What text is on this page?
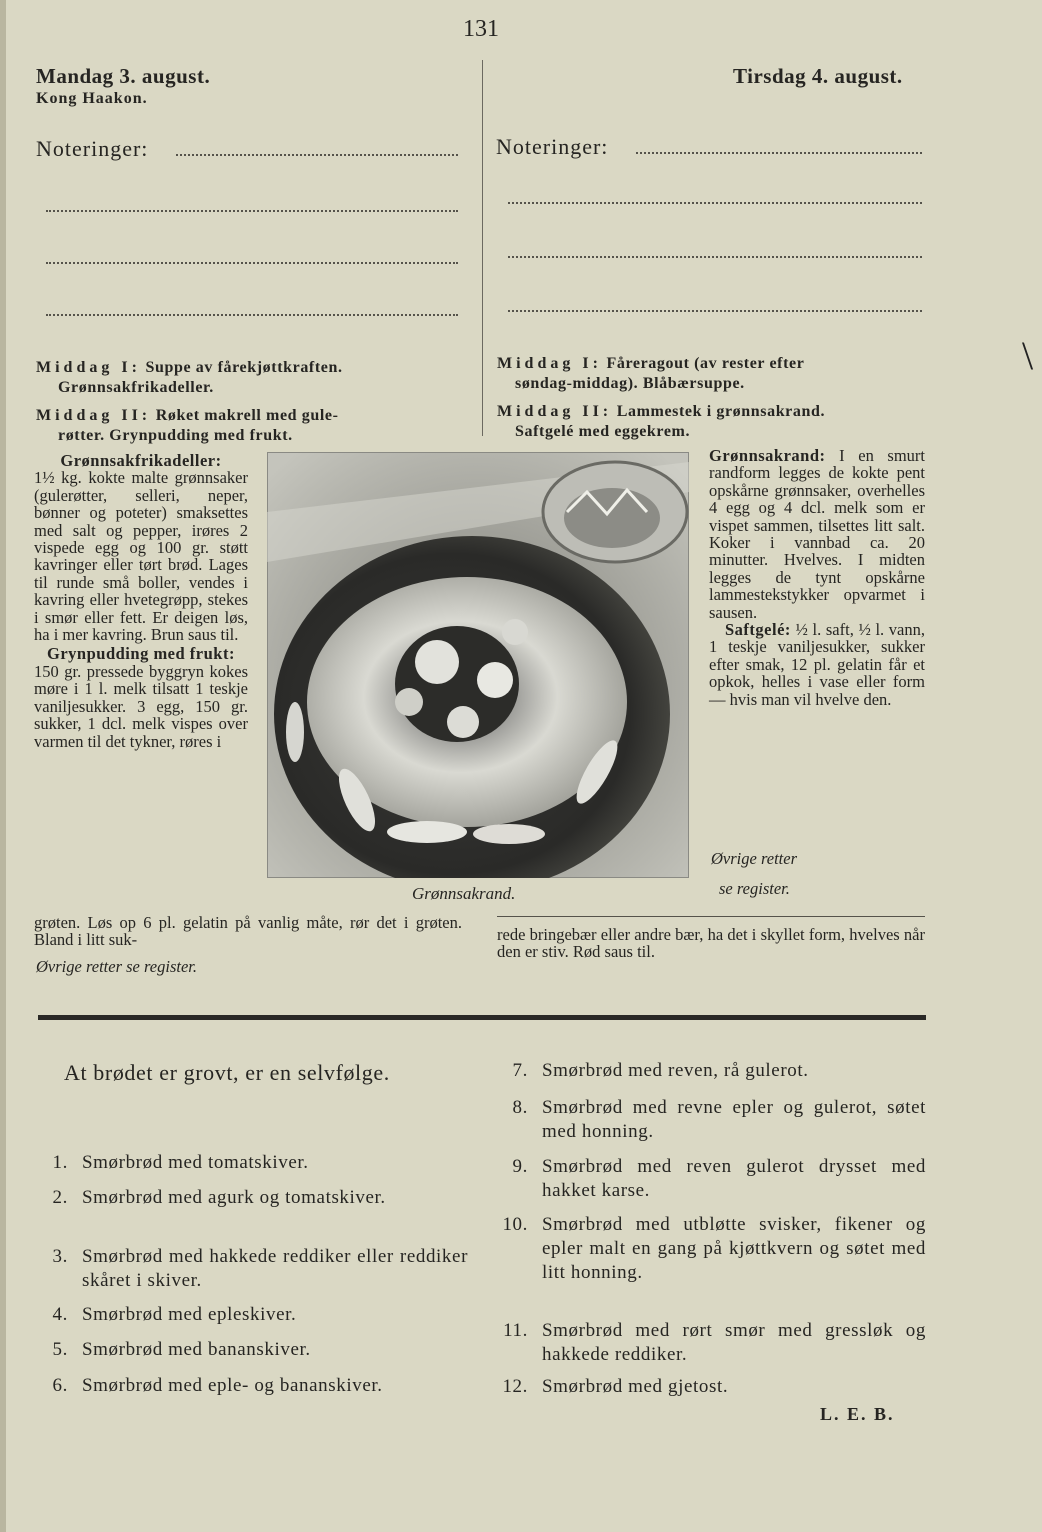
131
Mandag 3. august.
Kong Haakon.
Noteringer:
Tirsdag 4. august.
Noteringer:
Middag I: Suppe av fårekjøttkraften.
Grønnsakfrikadeller.
Middag II: Røket makrell med gule-
røtter. Grynpudding med frukt.
Middag I: Fåreragout (av rester efter
søndag-middag). Blåbærsuppe.
Middag II: Lammestek i grønnsakrand.
Saftgelé med eggekrem.
Grønnsakfrikadeller:
1½ kg. kokte malte grønnsaker (gulerøtter, selleri, neper, bønner og poteter) smaksettes med salt og pepper, irøres 2 vispede egg og 100 gr. støtt kavringer eller tørt brød. Lages til runde små boller, vendes i kavring eller hvetegrøpp, stekes i smør eller fett. Er deigen løs, ha i mer kavring. Brun saus til.

Grynpudding med frukt:
150 gr. pressede byggryn kokes møre i 1 l. melk tilsatt 1 teskje vaniljesukker. 3 egg, 150 gr. sukker, 1 dcl. melk vispes over varmen til det tykner, røres i
grøten. Løs op 6 pl. gelatin på vanlig måte, rør det i grøten. Bland i litt suk-
Øvrige retter se register.
Grønnsakrand.
Grønnsakrand: I en smurt randform legges de kokte pent opskårne grønnsaker, overhelles 4 egg og 4 dcl. melk som er vispet sammen, tilsettes litt salt. Koker i vannbad ca. 20 minutter. Hvelves. I midten legges de tynt opskårne lammestekstykker opvarmet i sausen.
Saftgelé: ½ l. saft, ½ l. vann, 1 teskje vaniljesukker, sukker efter smak, 12 pl. gelatin får et opkok, helles i vase eller form — hvis man vil hvelve den.
Øvrige retter
se register.
rede bringebær eller andre bær, ha det i skyllet form, hvelves når den er stiv. Rød saus til.
At brødet er grovt, er en selvfølge.
1. Smørbrød med tomatskiver.
2. Smørbrød med agurk og tomatskiver.
3. Smørbrød med hakkede reddiker eller reddiker skåret i skiver.
4. Smørbrød med epleskiver.
5. Smørbrød med bananskiver.
6. Smørbrød med eple- og bananskiver.
7. Smørbrød med reven, rå gulerot.
8. Smørbrød med revne epler og gulerot, søtet med honning.
9. Smørbrød med reven gulerot drysset med hakket karse.
10. Smørbrød med utbløtte svisker, fikener og epler malt en gang på kjøttkvern og søtet med litt honning.
11. Smørbrød med rørt smør med gressløk og hakkede reddiker.
12. Smørbrød med gjetost.
L. E. B.
\
